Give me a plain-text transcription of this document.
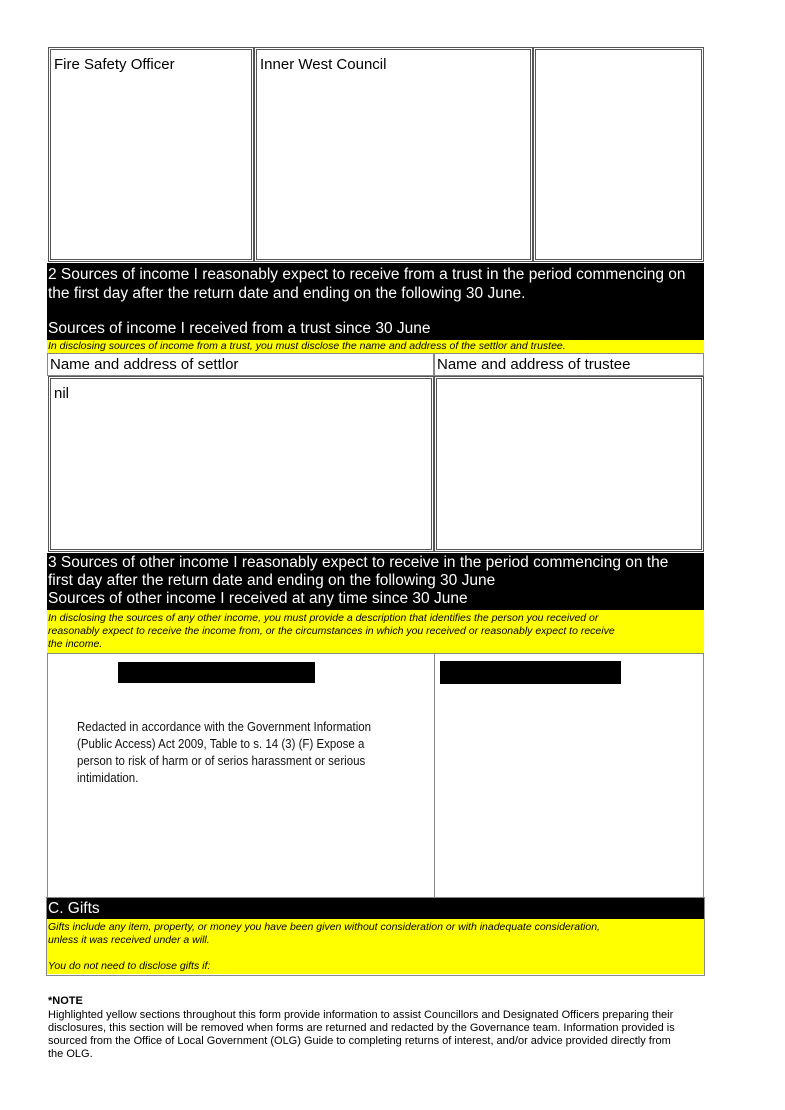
Fire Safety Officer	Inner West Council
2 Sources of income I reasonably expect to receive from a trust in the period commencing on
the first day after the return date and ending on the following 30 June.
Sources of income I received from a trust since 30 June
In disclosing sources of income from a trust, you must disclose the name and address of the settlor and trustee.
Name and address of settlor	Name and address of trustee
nil
3 Sources of other income I reasonably expect to receive in the period commencing on the
first day after the return date and ending on the following 30 June
Sources of other income I received at any time since 30 June
In disclosing the sources of any other income, you must provide a description that identifies the person you received or
reasonably expect to receive the income from, or the circumstances in which you received or reasonably expect to receive
the income.
Redacted in accordance with the Government Information
(Public Access) Act 2009, Table to s. 14 (3) (F) Expose a
person to risk of harm or of serios harassment or serious
intimidation.
C. Gifts
Gifts include any item, property, or money you have been given without consideration or with inadequate consideration,
unless it was received under a will.
You do not need to disclose gifts if:
*NOTE
Highlighted yellow sections throughout this form provide information to assist Councillors and Designated Officers preparing their
disclosures, this section will be removed when forms are returned and redacted by the Governance team. Information provided is
sourced from the Office of Local Government (OLG) Guide to completing returns of interest, and/or advice provided directly from
the OLG.
